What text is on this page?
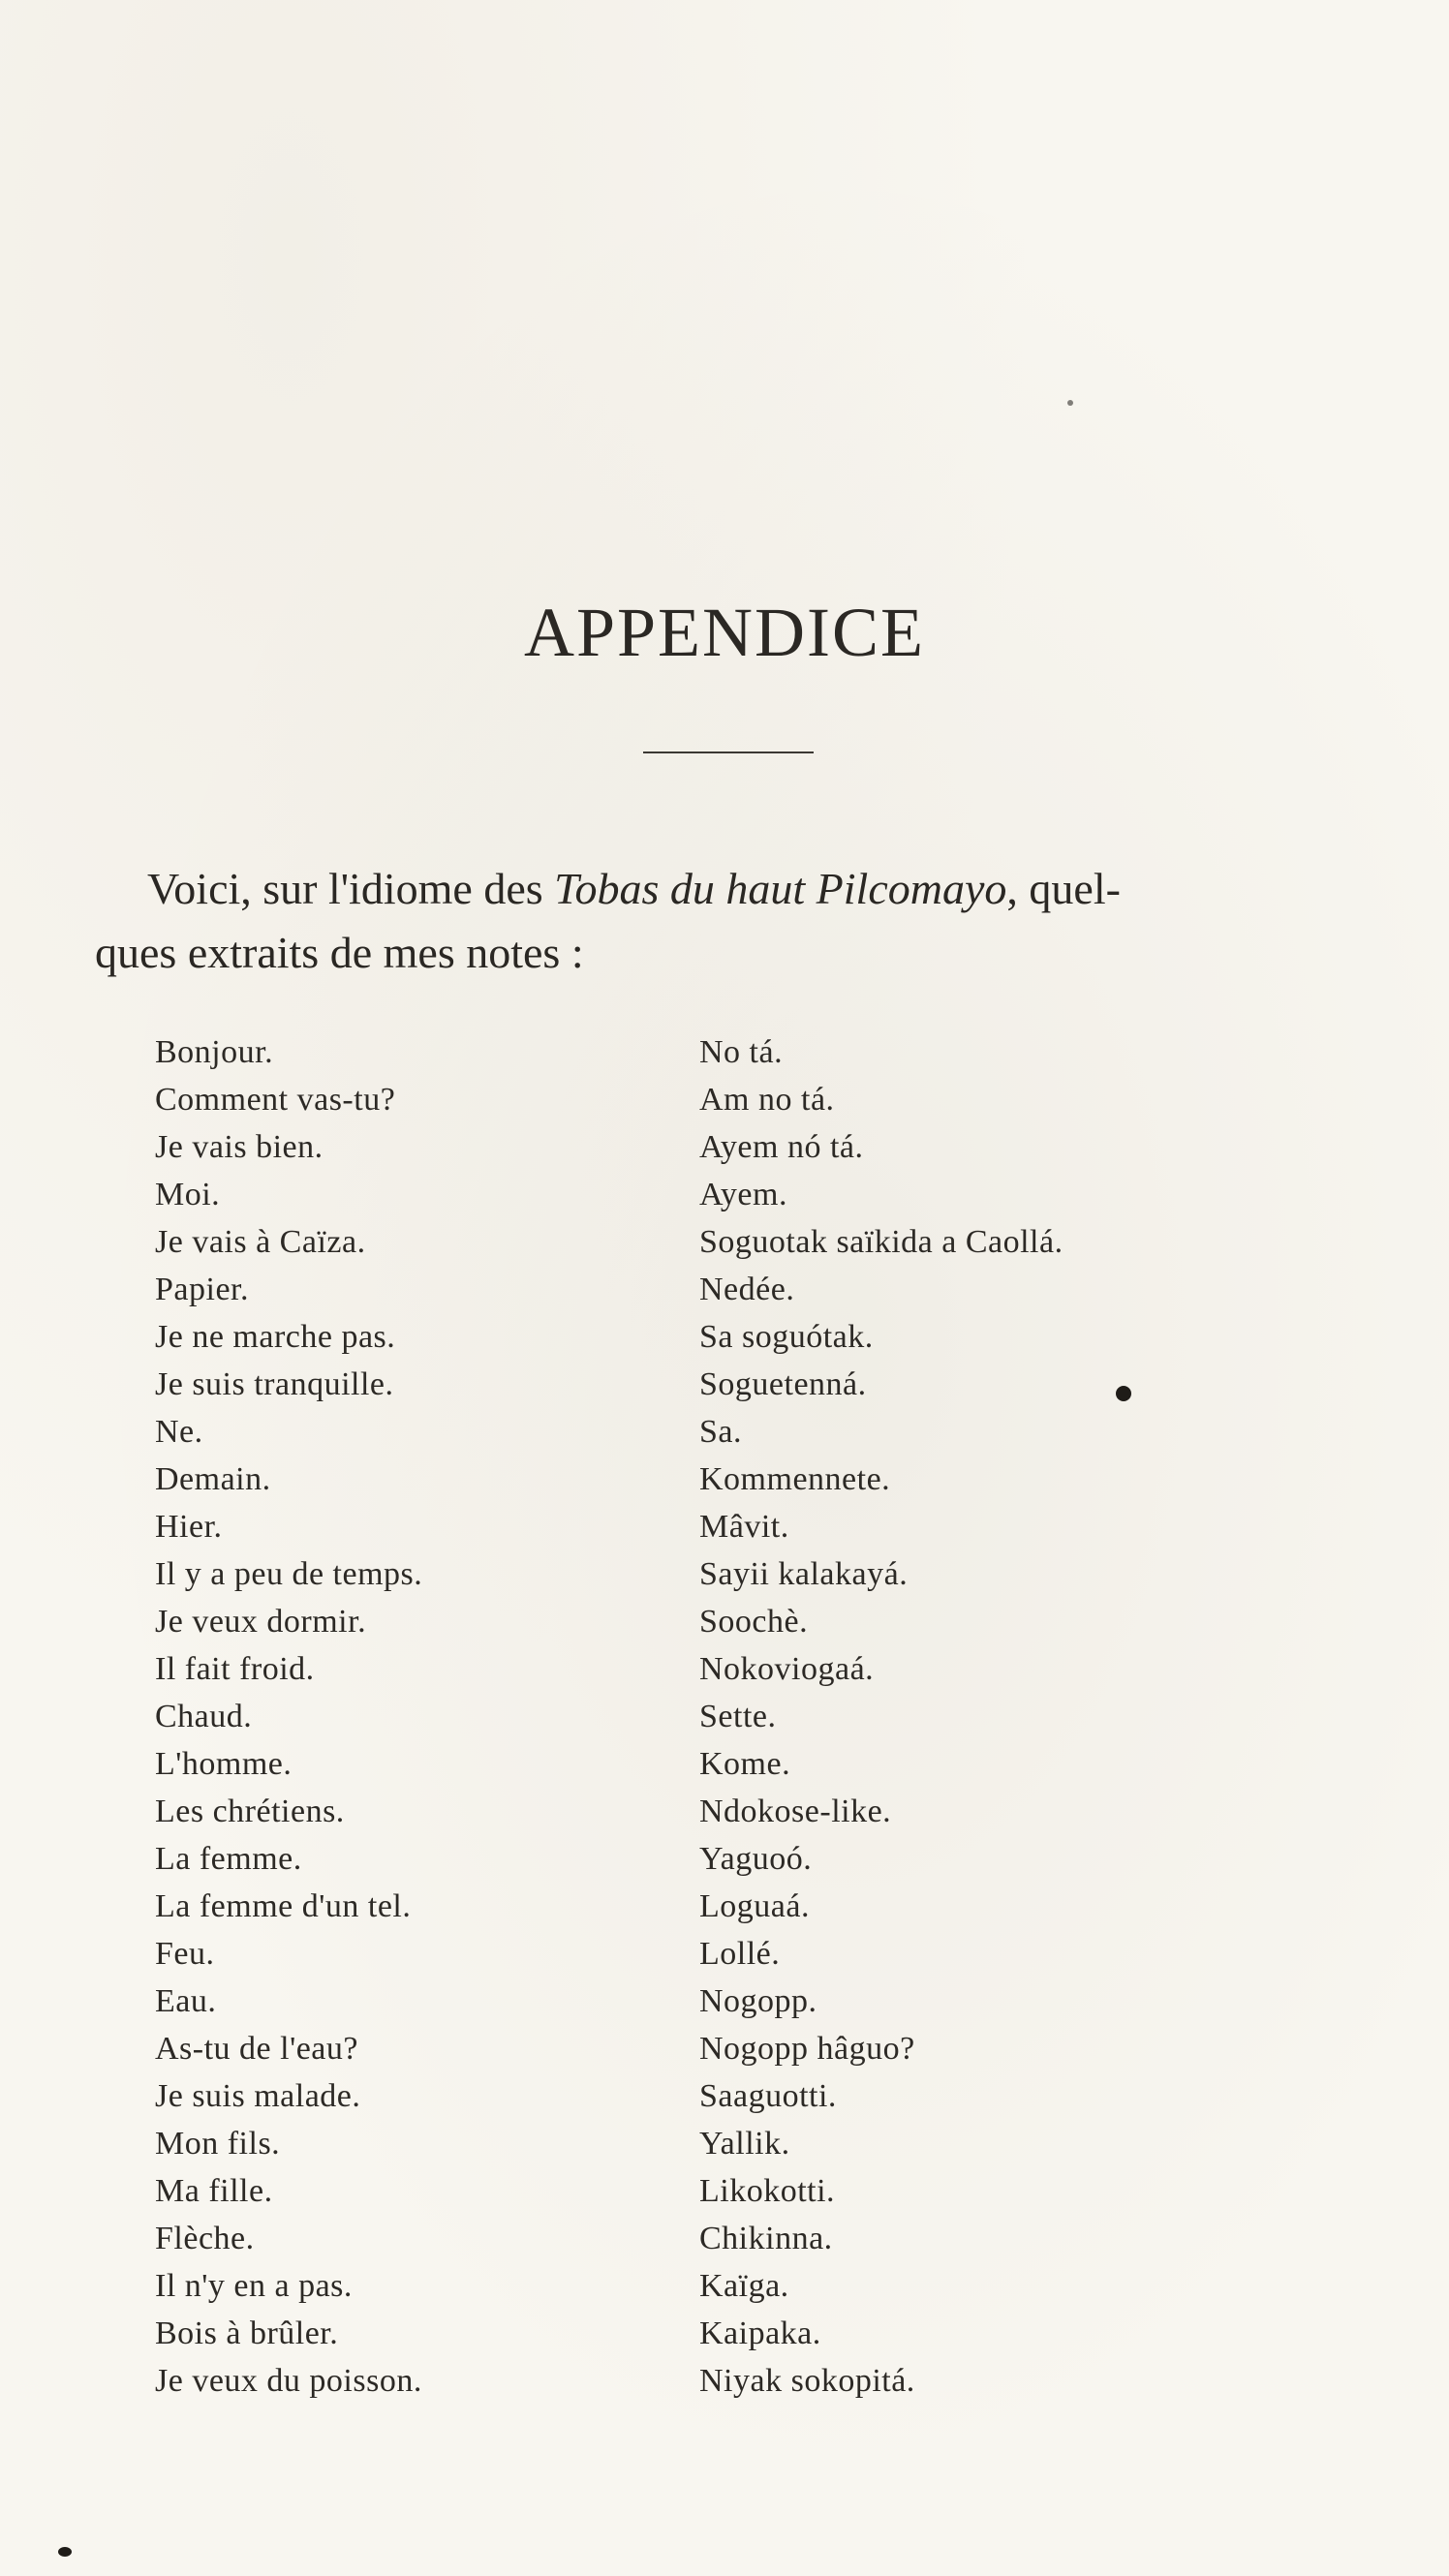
APPENDICE
Voici, sur l'idiome des Tobas du haut Pilcomayo, quel-
ques extraits de mes notes :
Bonjour.	No tá.
Comment vas-tu?	Am no tá.
Je vais bien.	Ayem nó tá.
Moi.	Ayem.
Je vais à Caïza.	Soguotak saïkida a Caollá.
Papier.	Nedée.
Je ne marche pas.	Sa soguótak.
Je suis tranquille.	Soguetenná.
Ne.	Sa.
Demain.	Kommennete.
Hier.	Mâvit.
Il y a peu de temps.	Sayii kalakayá.
Je veux dormir.	Soochè.
Il fait froid.	Nokoviogaá.
Chaud.	Sette.
L'homme.	Kome.
Les chrétiens.	Ndokose-like.
La femme.	Yaguoó.
La femme d'un tel.	Loguaá.
Feu.	Lollé.
Eau.	Nogopp.
As-tu de l'eau?	Nogopp hâguo?
Je suis malade.	Saaguotti.
Mon fils.	Yallik.
Ma fille.	Likokotti.
Flèche.	Chikinna.
Il n'y en a pas.	Kaïga.
Bois à brûler.	Kaipaka.
Je veux du poisson.	Niyak sokopitá.
